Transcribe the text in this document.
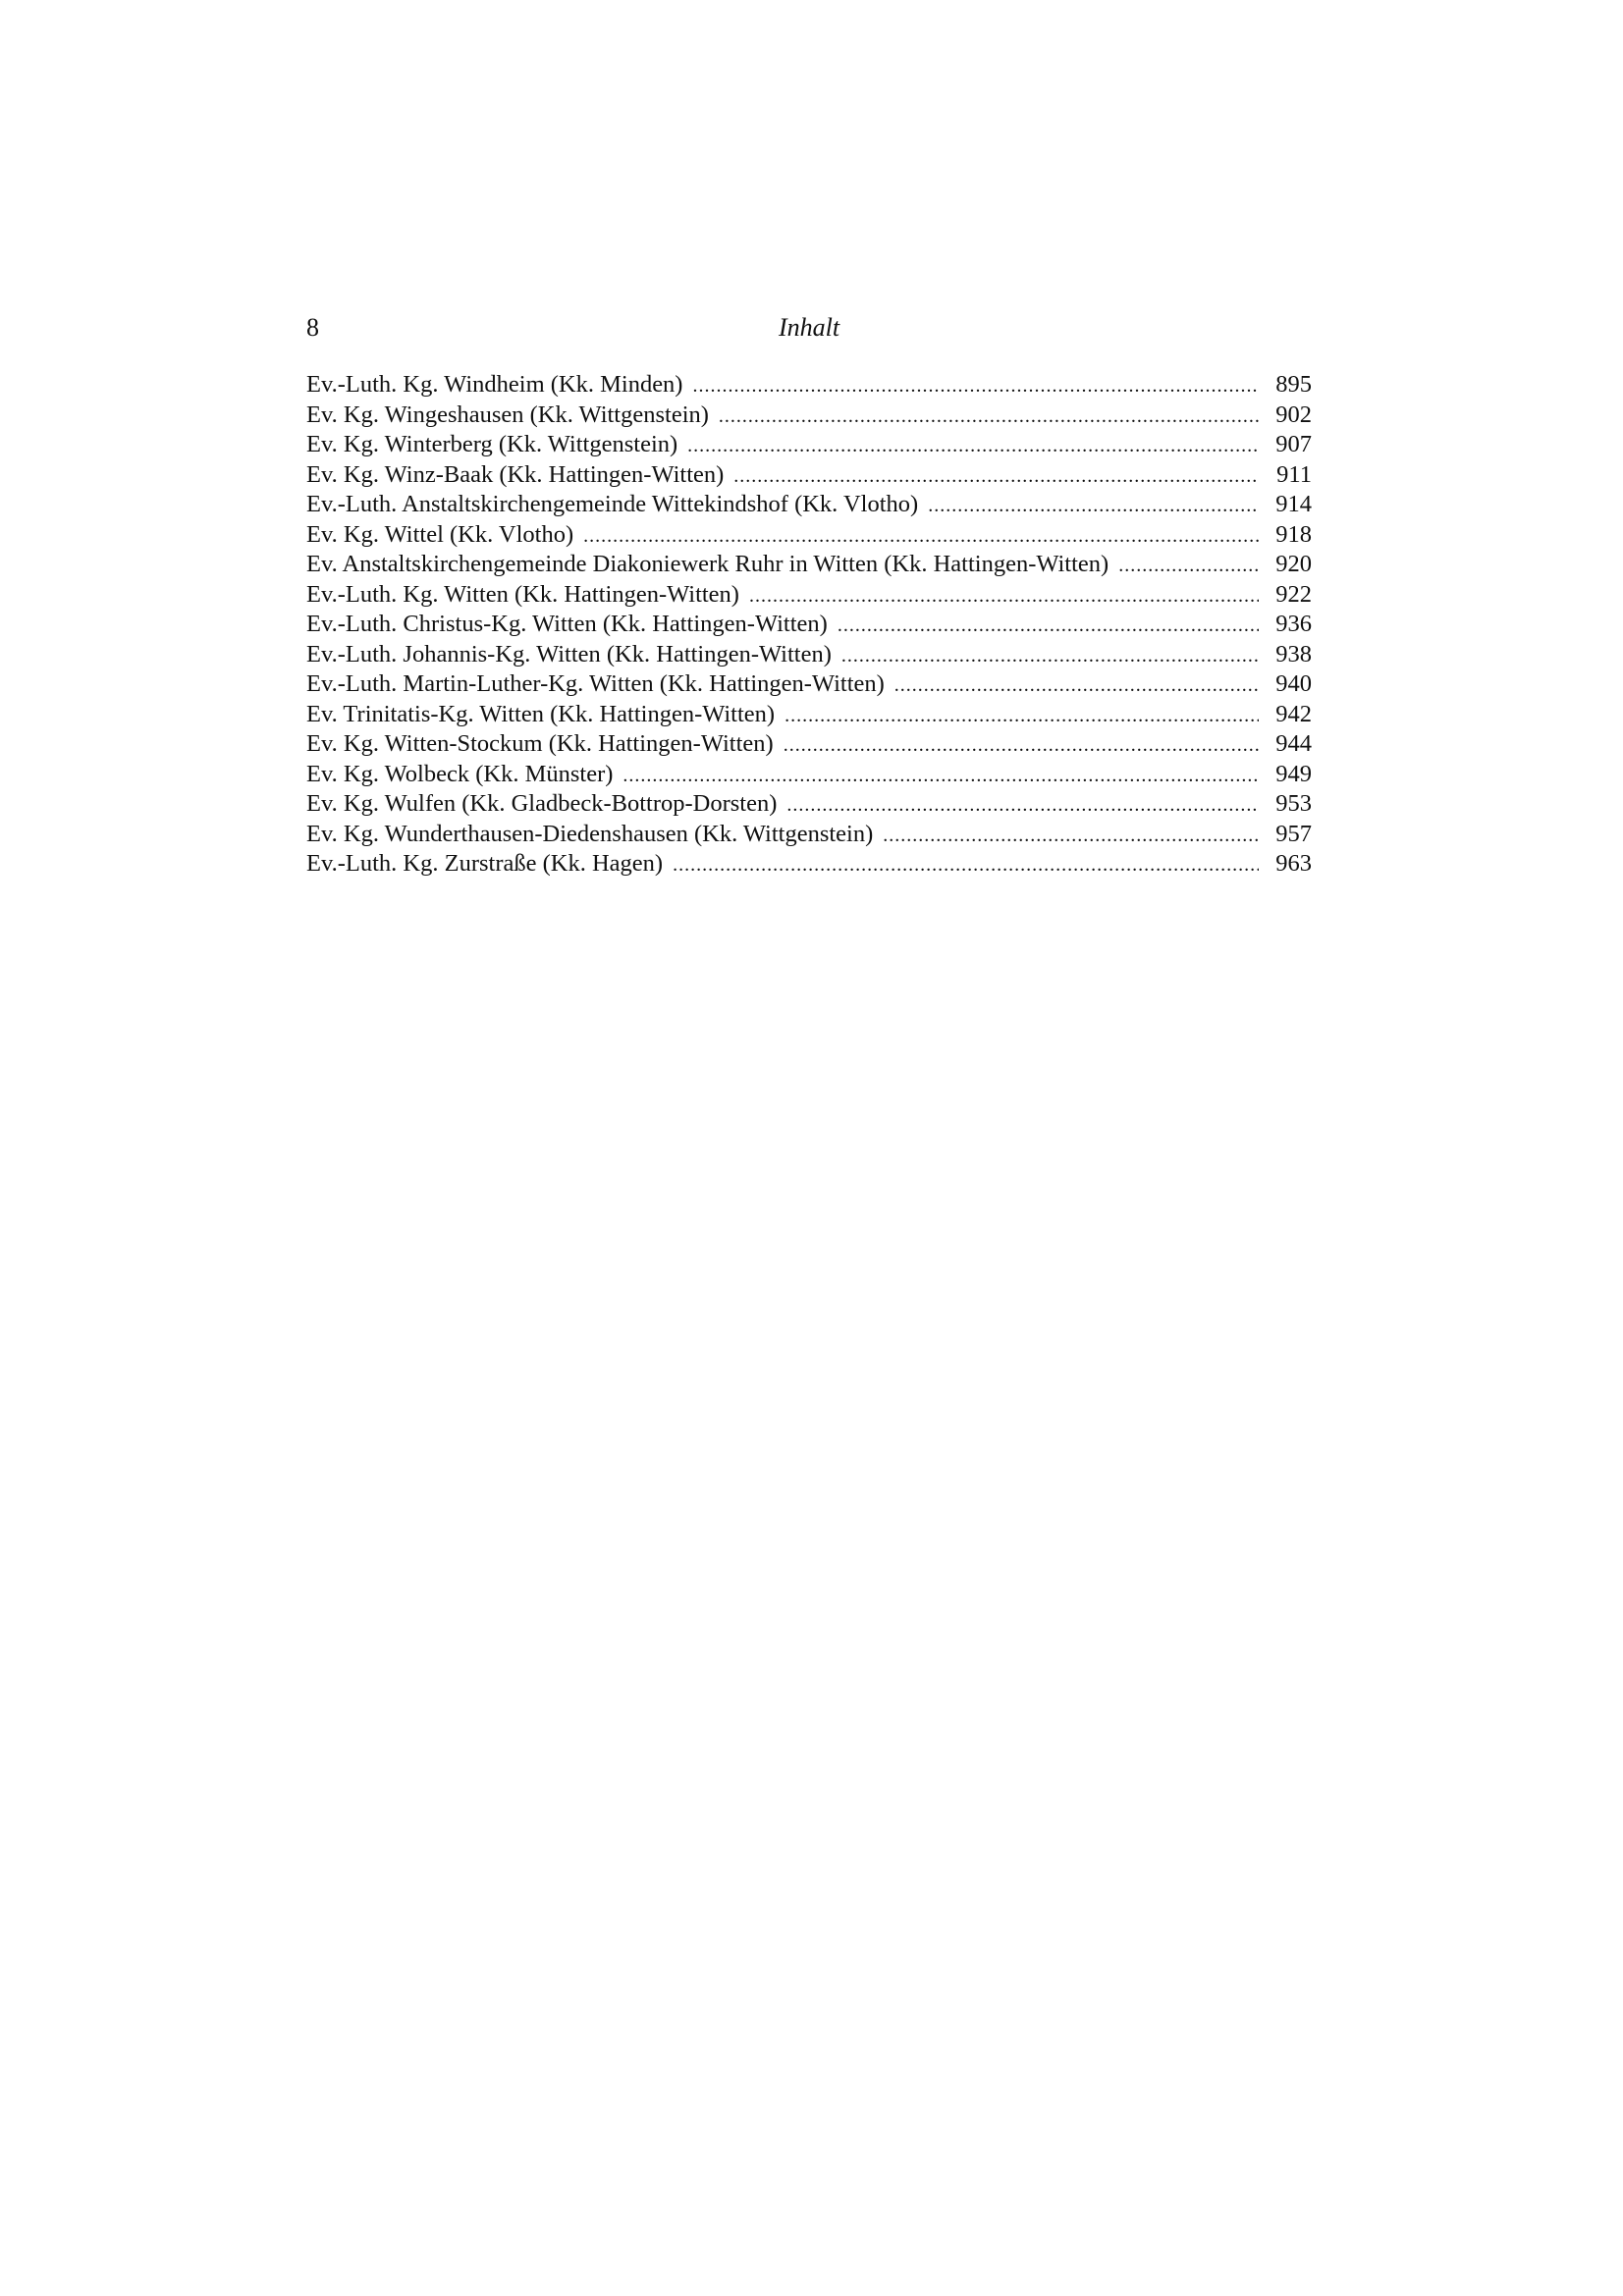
8	Inhalt
Ev.-Luth. Kg. Windheim (Kk. Minden) .....	895
Ev. Kg. Wingeshausen (Kk. Wittgenstein) .....	902
Ev. Kg. Winterberg (Kk. Wittgenstein) .....	907
Ev. Kg. Winz-Baak (Kk. Hattingen-Witten) .....	911
Ev.-Luth. Anstaltskirchengemeinde Wittekindshof (Kk. Vlotho) .....	914
Ev. Kg. Wittel (Kk. Vlotho) .....	918
Ev. Anstaltskirchengemeinde Diakoniewerk Ruhr in Witten (Kk. Hattingen-Witten) .....	920
Ev.-Luth. Kg. Witten (Kk. Hattingen-Witten) .....	922
Ev.-Luth. Christus-Kg. Witten (Kk. Hattingen-Witten) .....	936
Ev.-Luth. Johannis-Kg. Witten (Kk. Hattingen-Witten) .....	938
Ev.-Luth. Martin-Luther-Kg. Witten (Kk. Hattingen-Witten) .....	940
Ev. Trinitatis-Kg. Witten (Kk. Hattingen-Witten) .....	942
Ev. Kg. Witten-Stockum (Kk. Hattingen-Witten) .....	944
Ev. Kg. Wolbeck (Kk. Münster) .....	949
Ev. Kg. Wulfen (Kk. Gladbeck-Bottrop-Dorsten) .....	953
Ev. Kg. Wunderthausen-Diedenshausen (Kk. Wittgenstein) .....	957
Ev.-Luth. Kg. Zurstraße (Kk. Hagen) .....	963
